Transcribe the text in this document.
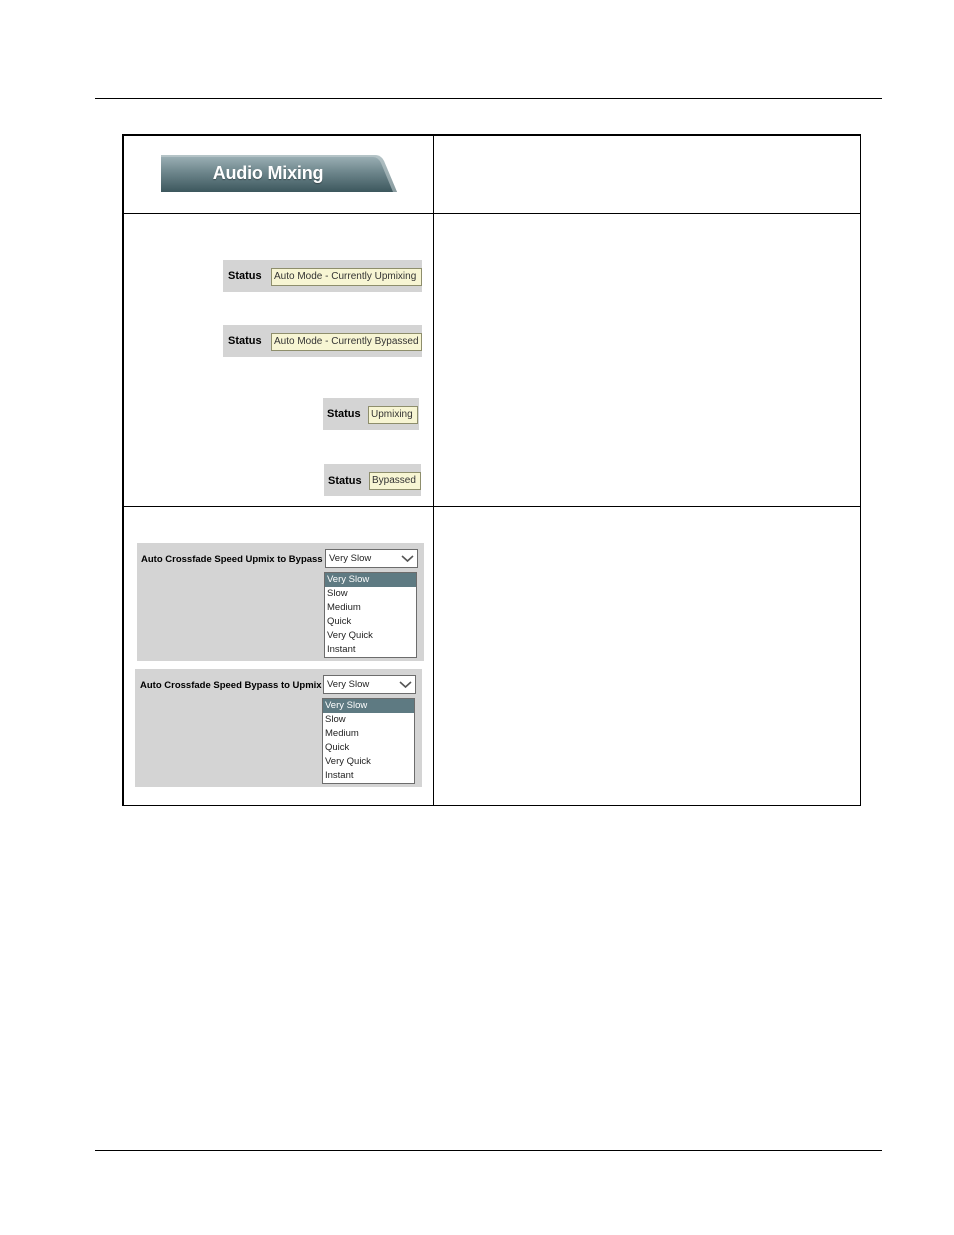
Audio Mixing
Status	Auto Mode - Currently Upmixing
Status	Auto Mode - Currently Bypassed
Status	Upmixing
Status	Bypassed
Auto Crossfade Speed Upmix to Bypass Very Slow
Very Slow
Slow
Medium
Quick
Very Quick
Instant
Auto Crossfade Speed Bypass to Upmix Very Slow
Very Slow
Slow
Medium
Quick
Very Quick
Instant
